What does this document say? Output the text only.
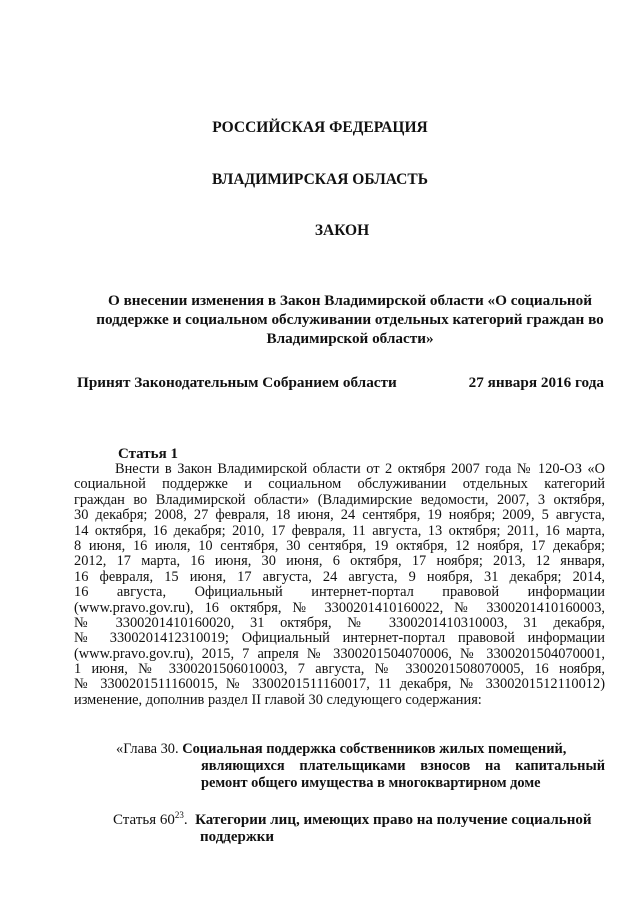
РОССИЙСКАЯ ФЕДЕРАЦИЯ
ВЛАДИМИРСКАЯ ОБЛАСТЬ
ЗАКОН
О внесении изменения в Закон Владимирской области «О социальной
поддержке и социальном обслуживании отдельных категорий граждан во
Владимирской области»
Принят Законодательным Собранием области	27 января 2016 года
Статья 1
Внести в Закон Владимирской области от 2 октября 2007 года № 120-ОЗ «О
социальной поддержке и социальном обслуживании отдельных категорий
граждан во Владимирской области» (Владимирские ведомости, 2007, 3 октября,
30 декабря; 2008, 27 февраля, 18 июня, 24 сентября, 19 ноября; 2009, 5 августа,
14 октября, 16 декабря; 2010, 17 февраля, 11 августа, 13 октября; 2011, 16 марта,
8 июня, 16 июля, 10 сентября, 30 сентября, 19 октября, 12 ноября, 17 декабря;
2012, 17 марта, 16 июня, 30 июня, 6 октября, 17 ноября; 2013, 12 января,
16 февраля, 15 июня, 17 августа, 24 августа, 9 ноября, 31 декабря; 2014,
16 августа, Официальный интернет-портал правовой информации
(www.pravo.gov.ru), 16 октября, № 3300201410160022, № 3300201410160003,
№ 3300201410160020, 31 октября, № 3300201410310003, 31 декабря,
№ 3300201412310019; Официальный интернет-портал правовой информации
(www.pravo.gov.ru), 2015, 7 апреля № 3300201504070006, № 3300201504070001,
1 июня, № 3300201506010003, 7 августа, № 3300201508070005, 16 ноября,
№ 3300201511160015, № 3300201511160017, 11 декабря, № 3300201512110012)
изменение, дополнив раздел II главой 30 следующего содержания:
«Глава 30. Социальная поддержка собственников жилых помещений,
являющихся плательщиками взносов на капитальный
ремонт общего имущества в многоквартирном доме
Статья $60^{23}$. Категории лиц, имеющих право на получение социальной
поддержки
